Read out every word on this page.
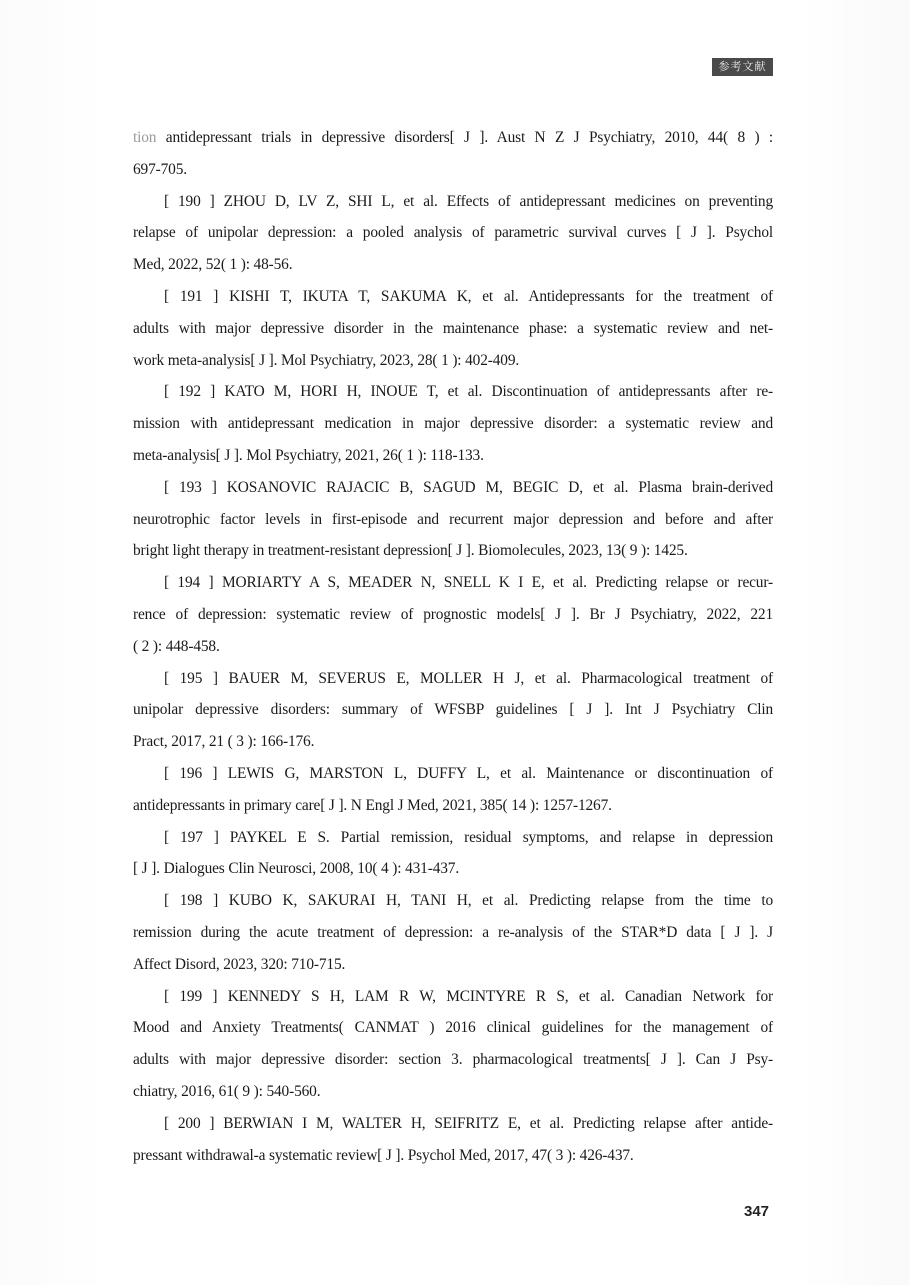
参考文献
tion antidepressant trials in depressive disorders[ J ]. Aust N Z J Psychiatry, 2010, 44( 8 ) :
697-705.
[ 190 ] ZHOU D, LV Z, SHI L, et al. Effects of antidepressant medicines on preventing
relapse of unipolar depression: a pooled analysis of parametric survival curves [ J ]. Psychol
Med, 2022, 52( 1 ): 48-56.
[ 191 ] KISHI T, IKUTA T, SAKUMA K, et al. Antidepressants for the treatment of
adults with major depressive disorder in the maintenance phase: a systematic review and net-
work meta-analysis[ J ]. Mol Psychiatry, 2023, 28( 1 ): 402-409.
[ 192 ] KATO M, HORI H, INOUE T, et al. Discontinuation of antidepressants after re-
mission with antidepressant medication in major depressive disorder: a systematic review and
meta-analysis[ J ]. Mol Psychiatry, 2021, 26( 1 ): 118-133.
[ 193 ] KOSANOVIC RAJACIC B, SAGUD M, BEGIC D, et al. Plasma brain-derived
neurotrophic factor levels in first-episode and recurrent major depression and before and after
bright light therapy in treatment-resistant depression[ J ]. Biomolecules, 2023, 13( 9 ): 1425.
[ 194 ] MORIARTY A S, MEADER N, SNELL K I E, et al. Predicting relapse or recur-
rence of depression: systematic review of prognostic models[ J ]. Br J Psychiatry, 2022, 221
( 2 ): 448-458.
[ 195 ] BAUER M, SEVERUS E, MOLLER H J, et al. Pharmacological treatment of
unipolar depressive disorders: summary of WFSBP guidelines [ J ]. Int J Psychiatry Clin
Pract, 2017, 21 ( 3 ): 166-176.
[ 196 ] LEWIS G, MARSTON L, DUFFY L, et al. Maintenance or discontinuation of
antidepressants in primary care[ J ]. N Engl J Med, 2021, 385( 14 ): 1257-1267.
[ 197 ] PAYKEL E S. Partial remission, residual symptoms, and relapse in depression
[ J ]. Dialogues Clin Neurosci, 2008, 10( 4 ): 431-437.
[ 198 ] KUBO K, SAKURAI H, TANI H, et al. Predicting relapse from the time to
remission during the acute treatment of depression: a re-analysis of the STAR*D data [ J ]. J
Affect Disord, 2023, 320: 710-715.
[ 199 ] KENNEDY S H, LAM R W, MCINTYRE R S, et al. Canadian Network for
Mood and Anxiety Treatments( CANMAT ) 2016 clinical guidelines for the management of
adults with major depressive disorder: section 3. pharmacological treatments[ J ]. Can J Psy-
chiatry, 2016, 61( 9 ): 540-560.
[ 200 ] BERWIAN I M, WALTER H, SEIFRITZ E, et al. Predicting relapse after antide-
pressant withdrawal-a systematic review[ J ]. Psychol Med, 2017, 47( 3 ): 426-437.
347
